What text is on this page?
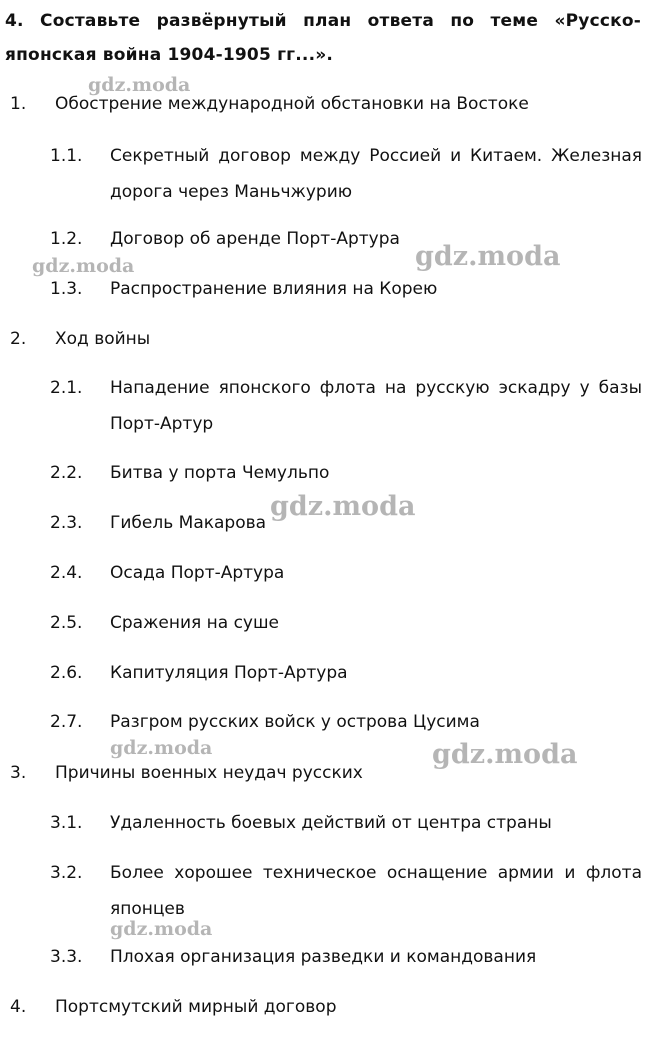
4. Составьте развёрнутый план ответа по теме «Русско-японская война 1904-1905 гг...».

1. Обострение международной обстановки на Востоке
1.1. Секретный договор между Россией и Китаем. Железная дорога через Маньчжурию
1.2. Договор об аренде Порт-Артура
1.3. Распространение влияния на Корею
2. Ход войны
2.1. Нападение японского флота на русскую эскадру у базы Порт-Артур
2.2. Битва у порта Чемульпо
2.3. Гибель Макарова
2.4. Осада Порт-Артура
2.5. Сражения на суше
2.6. Капитуляция Порт-Артура
2.7. Разгром русских войск у острова Цусима
3. Причины военных неудач русских
3.1. Удаленность боевых действий от центра страны
3.2. Более хорошее техническое оснащение армии и флота японцев
3.3. Плохая организация разведки и командования
4. Портсмутский мирный договор
gdz.moda
gdz.moda	gdz.moda
gdz.moda
gdz.moda	gdz.moda
gdz.moda
